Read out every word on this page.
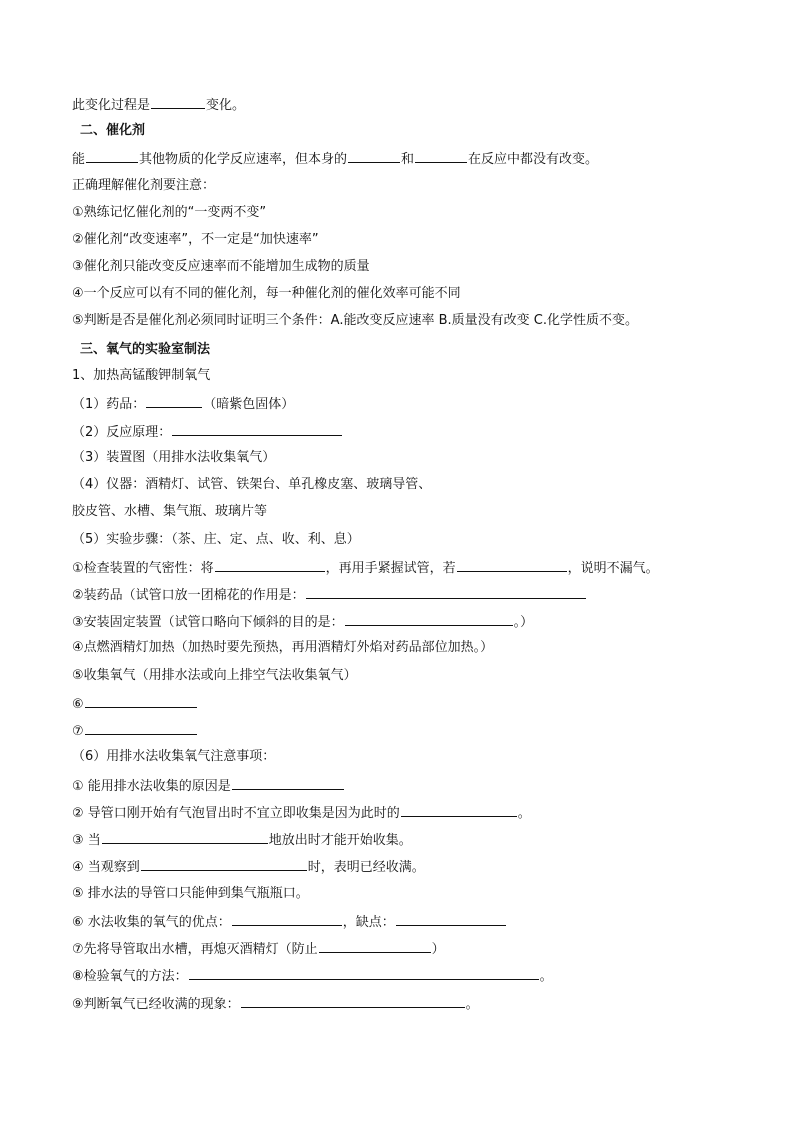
此变化过程是	变化。
二、催化剂
能	其他物质的化学反应速率，但本身的	和	在反应中都没有改变。
正确理解催化剂要注意：
①熟练记忆催化剂的“一变两不变”
②催化剂“改变速率”，不一定是“加快速率”
③催化剂只能改变反应速率而不能增加生成物的质量
④一个反应可以有不同的催化剂，每一种催化剂的催化效率可能不同
⑤判断是否是催化剂必须同时证明三个条件：A.能改变反应速率 B.质量没有改变 C.化学性质不变。
三、氧气的实验室制法
1、加热高锰酸钾制氧气
（1）药品：	（暗紫色固体）
（2）反应原理：
（3）装置图（用排水法收集氧气）
（4）仪器：酒精灯、试管、铁架台、单孔橡皮塞、玻璃导管、
胶皮管、水槽、集气瓶、玻璃片等
（5）实验步骤：（茶、庄、定、点、收、利、息）
①检查装置的气密性：将	，再用手紧握试管，若	，说明不漏气。
②装药品（试管口放一团棉花的作用是：
③安装固定装置（试管口略向下倾斜的目的是：	。）
④点燃酒精灯加热（加热时要先预热，再用酒精灯外焰对药品部位加热。）
⑤收集氧气（用排水法或向上排空气法收集氧气）
⑥
⑦
（6）用排水法收集氧气注意事项：
① 能用排水法收集的原因是
② 导管口刚开始有气泡冒出时不宜立即收集是因为此时的	。
③ 当	地放出时才能开始收集。
④ 当观察到	时，表明已经收满。
⑤ 排水法的导管口只能伸到集气瓶瓶口。
⑥ 水法收集的氧气的优点：	，缺点：
⑦先将导管取出水槽，再熄灭酒精灯（防止	）
⑧检验氧气的方法：	。
⑨判断氧气已经收满的现象：	。
